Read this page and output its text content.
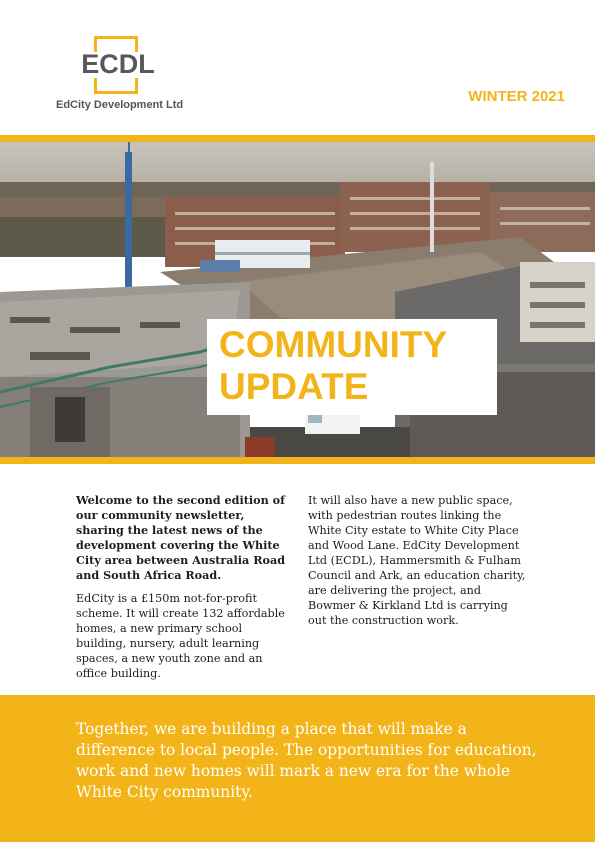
ECDL
EdCity Development Ltd	WINTER 2021
COMMUNITY
UPDATE

Welcome to the second edition of our community newsletter, sharing the latest news of the development covering the White City area between Australia Road and South Africa Road.

EdCity is a £150m not-for-profit scheme. It will create 132 affordable homes, a new primary school building, nursery, adult learning spaces, a new youth zone and an office building.

It will also have a new public space, with pedestrian routes linking the White City estate to White City Place and Wood Lane. EdCity Development Ltd (ECDL), Hammersmith & Fulham Council and Ark, an education charity, are delivering the project, and Bowmer & Kirkland Ltd is carrying out the construction work.

Together, we are building a place that will make a difference to local people. The opportunities for education, work and new homes will mark a new era for the whole White City community.
